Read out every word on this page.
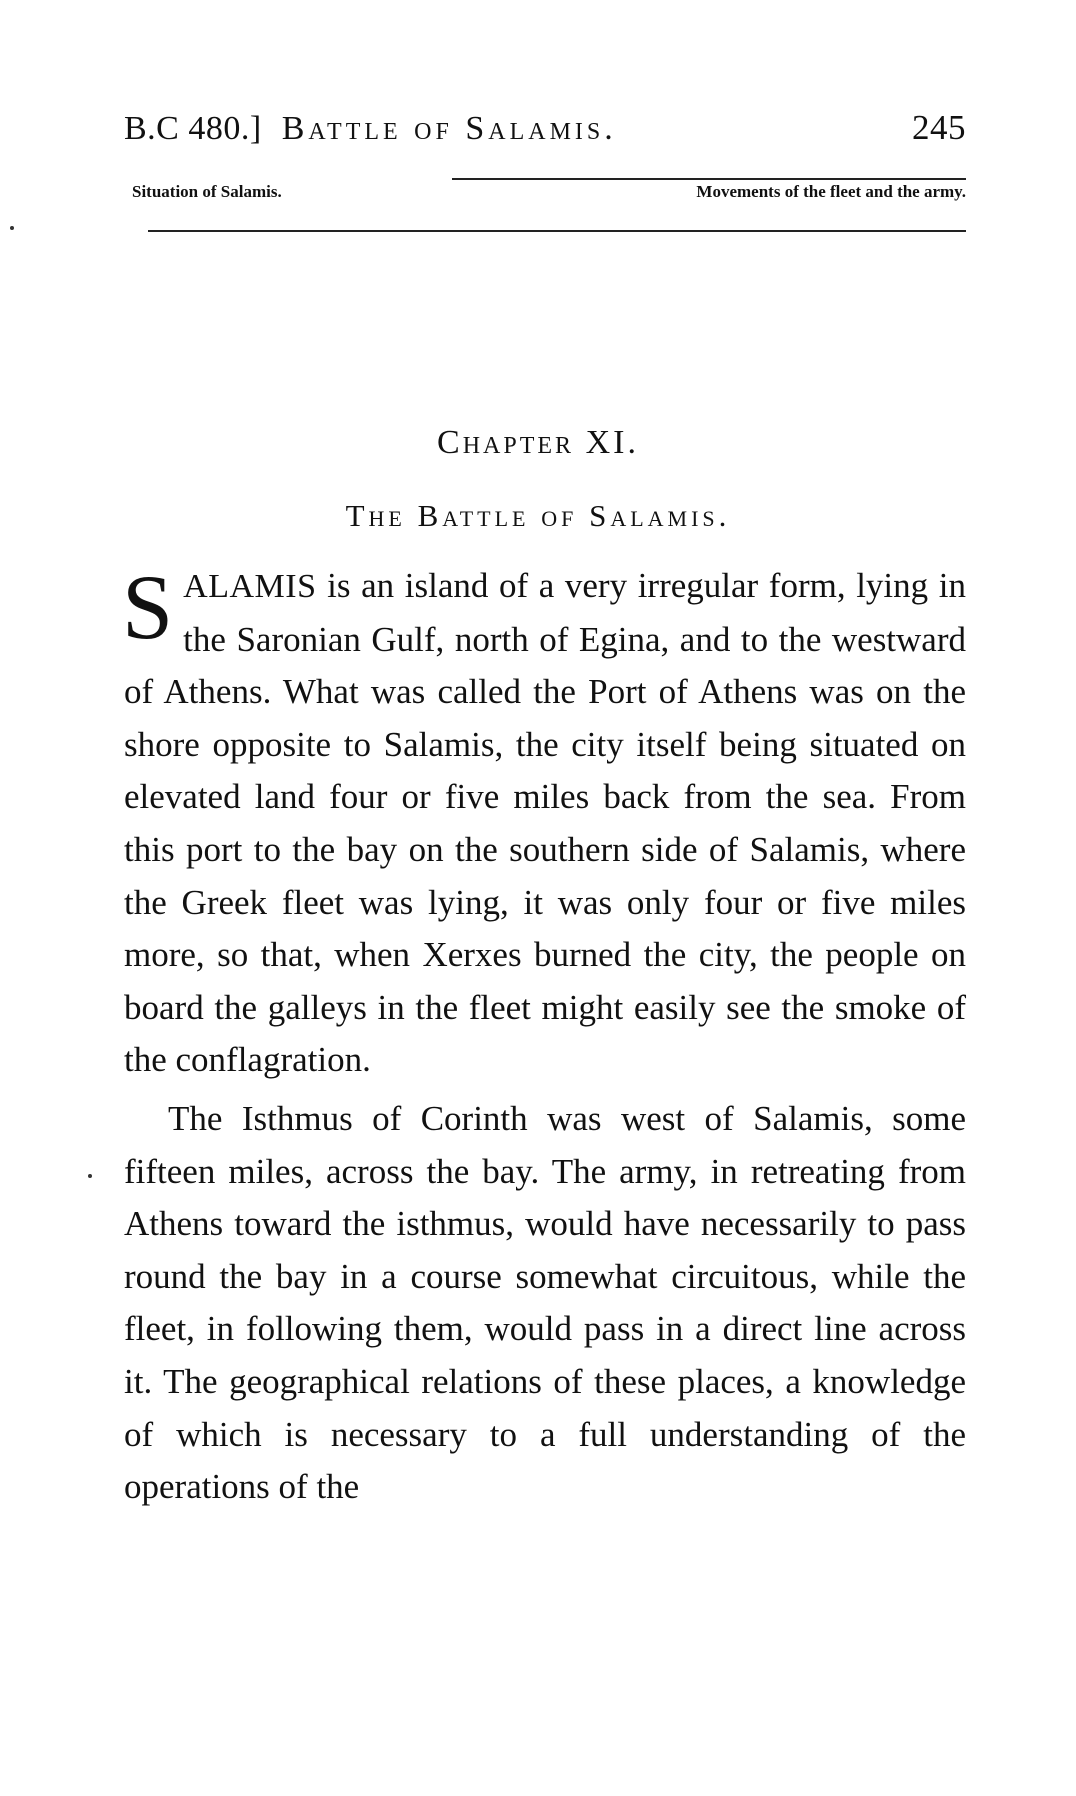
B.C 480.] Battle of Salamis.	245
Situation of Salamis.	Movements of the fleet and the army.
Chapter XI.
The Battle of Salamis.

SALAMIS is an island of a very irregular form, lying in the Saronian Gulf, north of Egina, and to the westward of Athens. What was called the Port of Athens was on the shore opposite to Salamis, the city itself being situated on elevated land four or five miles back from the sea. From this port to the bay on the southern side of Salamis, where the Greek fleet was lying, it was only four or five miles more, so that, when Xerxes burned the city, the people on board the galleys in the fleet might easily see the smoke of the conflagration.

The Isthmus of Corinth was west of Salamis, some fifteen miles, across the bay. The army, in retreating from Athens toward the isthmus, would have necessarily to pass round the bay in a course somewhat circuitous, while the fleet, in following them, would pass in a direct line across it. The geographical relations of these places, a knowledge of which is necessary to a full understanding of the operations of the
